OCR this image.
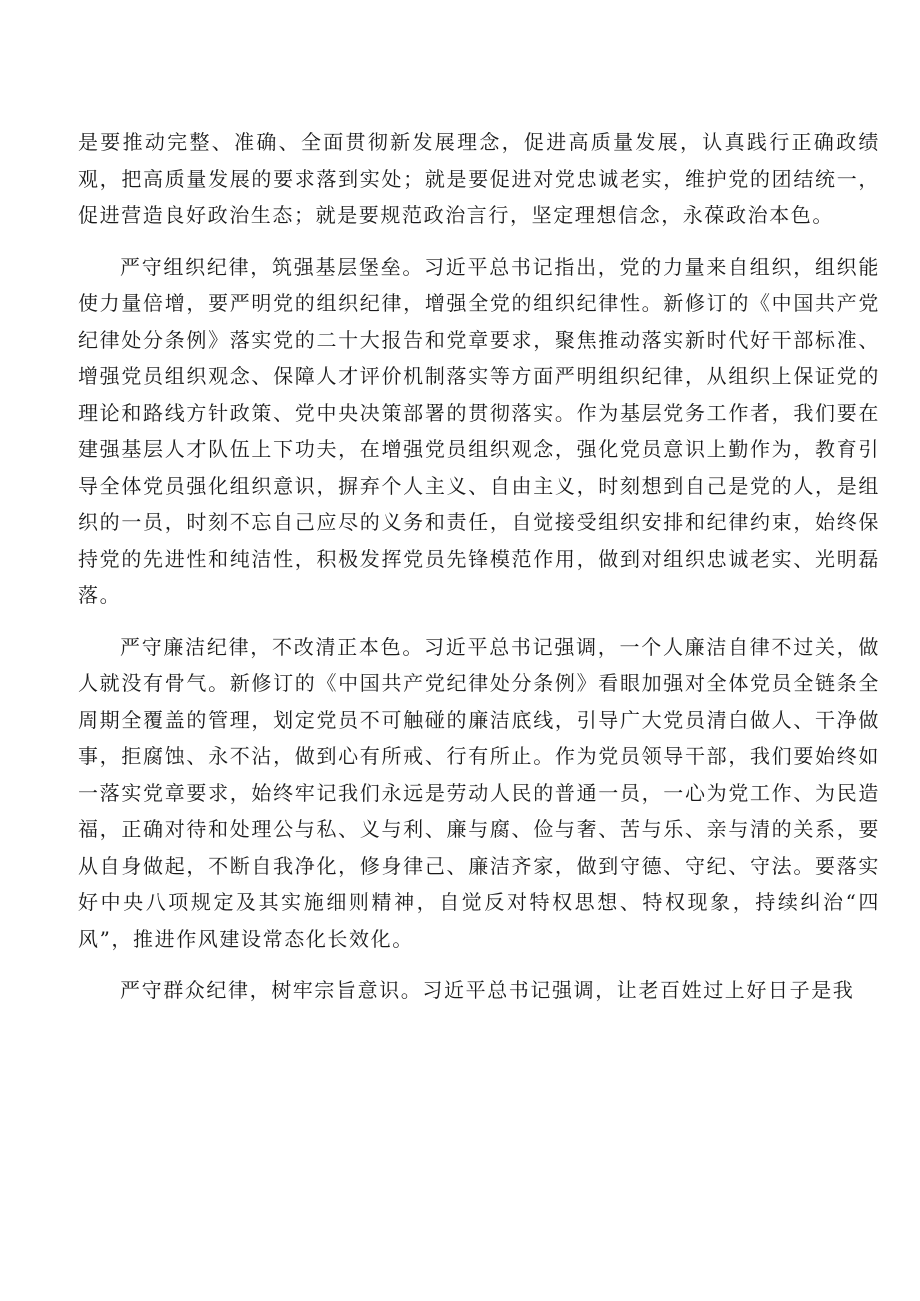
是要推动完整、准确、全面贯彻新发展理念，促进高质量发展，认真践行正确政绩观，把高质量发展的要求落到实处；就是要促进对党忠诚老实，维护党的团结统一，促进营造良好政治生态；就是要规范政治言行，坚定理想信念，永葆政治本色。

严守组织纪律，筑强基层堡垒。习近平总书记指出，党的力量来自组织，组织能使力量倍增，要严明党的组织纪律，增强全党的组织纪律性。新修订的《中国共产党纪律处分条例》落实党的二十大报告和党章要求，聚焦推动落实新时代好干部标准、增强党员组织观念、保障人才评价机制落实等方面严明组织纪律，从组织上保证党的理论和路线方针政策、党中央决策部署的贯彻落实。作为基层党务工作者，我们要在建强基层人才队伍上下功夫，在增强党员组织观念，强化党员意识上勤作为，教育引导全体党员强化组织意识，摒弃个人主义、自由主义，时刻想到自己是党的人，是组织的一员，时刻不忘自己应尽的义务和责任，自觉接受组织安排和纪律约束，始终保持党的先进性和纯洁性，积极发挥党员先锋模范作用，做到对组织忠诚老实、光明磊落。

严守廉洁纪律，不改清正本色。习近平总书记强调，一个人廉洁自律不过关，做人就没有骨气。新修订的《中国共产党纪律处分条例》看眼加强对全体党员全链条全周期全覆盖的管理，划定党员不可触碰的廉洁底线，引导广大党员清白做人、干净做事，拒腐蚀、永不沾，做到心有所戒、行有所止。作为党员领导干部，我们要始终如一落实党章要求，始终牢记我们永远是劳动人民的普通一员，一心为党工作、为民造福，正确对待和处理公与私、义与利、廉与腐、俭与奢、苦与乐、亲与清的关系，要从自身做起，不断自我净化，修身律己、廉洁齐家，做到守德、守纪、守法。要落实好中央八项规定及其实施细则精神，自觉反对特权思想、特权现象，持续纠治“四风”，推进作风建设常态化长效化。

严守群众纪律，树牢宗旨意识。习近平总书记强调，让老百姓过上好日子是我
